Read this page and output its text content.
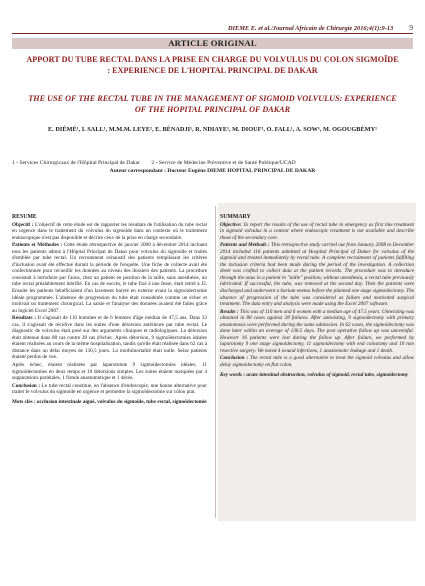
DIEME E. et al./Journal Africain de Chirurgie 2016;4(1):9-13 9
ARTICLE ORIGINAL
APPORT DU TUBE RECTAL DANS LA PRISE EN CHARGE DU VOLVULUS DU COLON SIGMOÏDE : EXPERIENCE DE L'HOPITAL PRINCIPAL DE DAKAR
THE USE OF THE RECTAL TUBE IN THE MANAGEMENT OF SIGMOID VOLVULUS: EXPERIENCE OF THE HOPITAL PRINCIPAL OF DAKAR
E. DIÉMÉ¹, I. SALL¹, M.M.M. LEYE², E. BÉNADJI¹, R. NDIAYE¹, M. DIOUF¹, O. FALL¹, A. SOW¹, M. OGOUGBÉMY¹
1 - Services Chirurgicaux de l'Hôpital Principal de Dakar 2 - Service de Médecine Préventive et de Santé Publique/UCAD
Auteur correspondant : Docteur Eugène DIEME HOPITAL PRINCIPAL DE DAKAR
RESUME

Objectif : L'objectif de cette étude est de rapporter les résultats de l'utilisation du tube rectal en urgence dans le traitement du volvulus du sigmoïde dans un contexte où le traitement endoscopique n'est pas disponible et décrire ceux de la prise en charge secondaire.

Patients et Méthodes : Cette étude rétrospective de janvier 2008 à décembre 2014 incluant tous les patients admis à l'Hôpital Principal de Dakar pour volvulus du sigmoïde et traités d'emblée par tube rectal. Un recrutement exhaustif des patients remplissant les critères d'inclusion avait été effectué durant la période de l'enquête. Une fiche de collecte avait été confectionnée pour recueillir les données au niveau des dossiers des patients. La procédure consistait à introduire par l'anus, chez un patient en position de la taille, sans anesthésie, un tube rectal préalablement lubrifié. En cas de succès, le tube fixé à une fesse, était retiré à J2. Ensuite les patients bénéficiaient d'un lavement baryté en externe avant la sigmoïdectomie idéale programmée. L'absence de progression du tube était considérée comme un échec et motivait un traitement chirurgical. La saisie et l'analyse des données avaient été faites grâce au logiciel Excel 2007.

Résultats : Il s'agissait de 110 hommes et de 6 femmes d'âge médian de 47,5 ans. Dans 33 cas, il s'agissait de récidive dans les suites d'une détorsion antérieure par tube rectal. Le diagnostic de volvulus était posé sur des arguments cliniques et radiologiques. La détorsion était obtenue dans 88 cas contre 28 cas d'échec. Après détorsion, 9 sigmoïdectomies idéales étaient réalisées au cours de la même hospitalisation, tandis qu'elle était réalisée dans 62 cas à distance dans un délai moyen de 130,5 jours. La morbimortalité était nulle. Seize patients étaient perdus de vue.

Après échec, étaient réalisées par laparotomie 9 sigmoïdectomies idéales, 11 sigmoïdectomies en deux temps et 10 détorsions simples. Les suites étaient marquées par 4 suppurations pariétales, 1 fistule anastomotique et 1 décès.

Conclusion : Le tube rectal constitue, en l'absence d'endoscopie, une bonne alternative pour traiter le volvulus du sigmoïde en urgence et permettre la sigmoïdectomie sur côlon plat.

Mots clés : occlusion intestinale aiguë, volvulus du sigmoïde, tube rectal, sigmoïdectomie

SUMMARY

Objective: To report the results of the use of rectal tube in emergency as first line treatment in sigmoid volvulus in a context where endoscopic treatment is not available and describe those of the secondary care.

Patients and Methods : This retrospective study carried out from January 2008 to December 2014 included 116 patients admitted at Hospital Principal of Dakar for volvulus of the sigmoid and treated immediately by rectal tube. A complete recruitment of patients fulfilling the inclusion criteria had been made during the period of the investigation. A collection sheet was crafted to collect data at the patient records. The procedure was to introduce through the anus in a patient in "taille" position, without anesthesia, a rectal tube previously lubricated. If successful, the tube, was removed at the second day. Then the patients were discharged and underwent a barium enema before the planned one stage sigmoidectomy. The absence of progression of the tube was considered as failure and motivated surgical treatment. The data entry and analysis were made using the Excel 2007 software.

Results : This was of 110 men and 6 women with a median age of 47.5 years. Untwisting was obtained in 88 cases against 28 failures. After untwisting, 9 sigmoidectomy with primary anastomosis were performed during the same admission. In 62 cases, the sigmoidectomy was done later within an average of 130.5 days. The post operative follow up was uneventful. However 16 patients were lost during the follow up. After failure, we performed by laparotomy 9 one stage sigmoidectomy, 11 sigmoidectomy with end colostomy and 10 non resective surgery. We noted 4 wound infections, 1 anastomotic leakage and 1 death.

Conclusion : The rectal tube is a good alternative to treat the sigmoid volvulus and allow delay sigmoidectomy on flat colon.

Key words : acute intestinal obstruction, volvulus of sigmoid, rectal tube, sigmoidectomy
